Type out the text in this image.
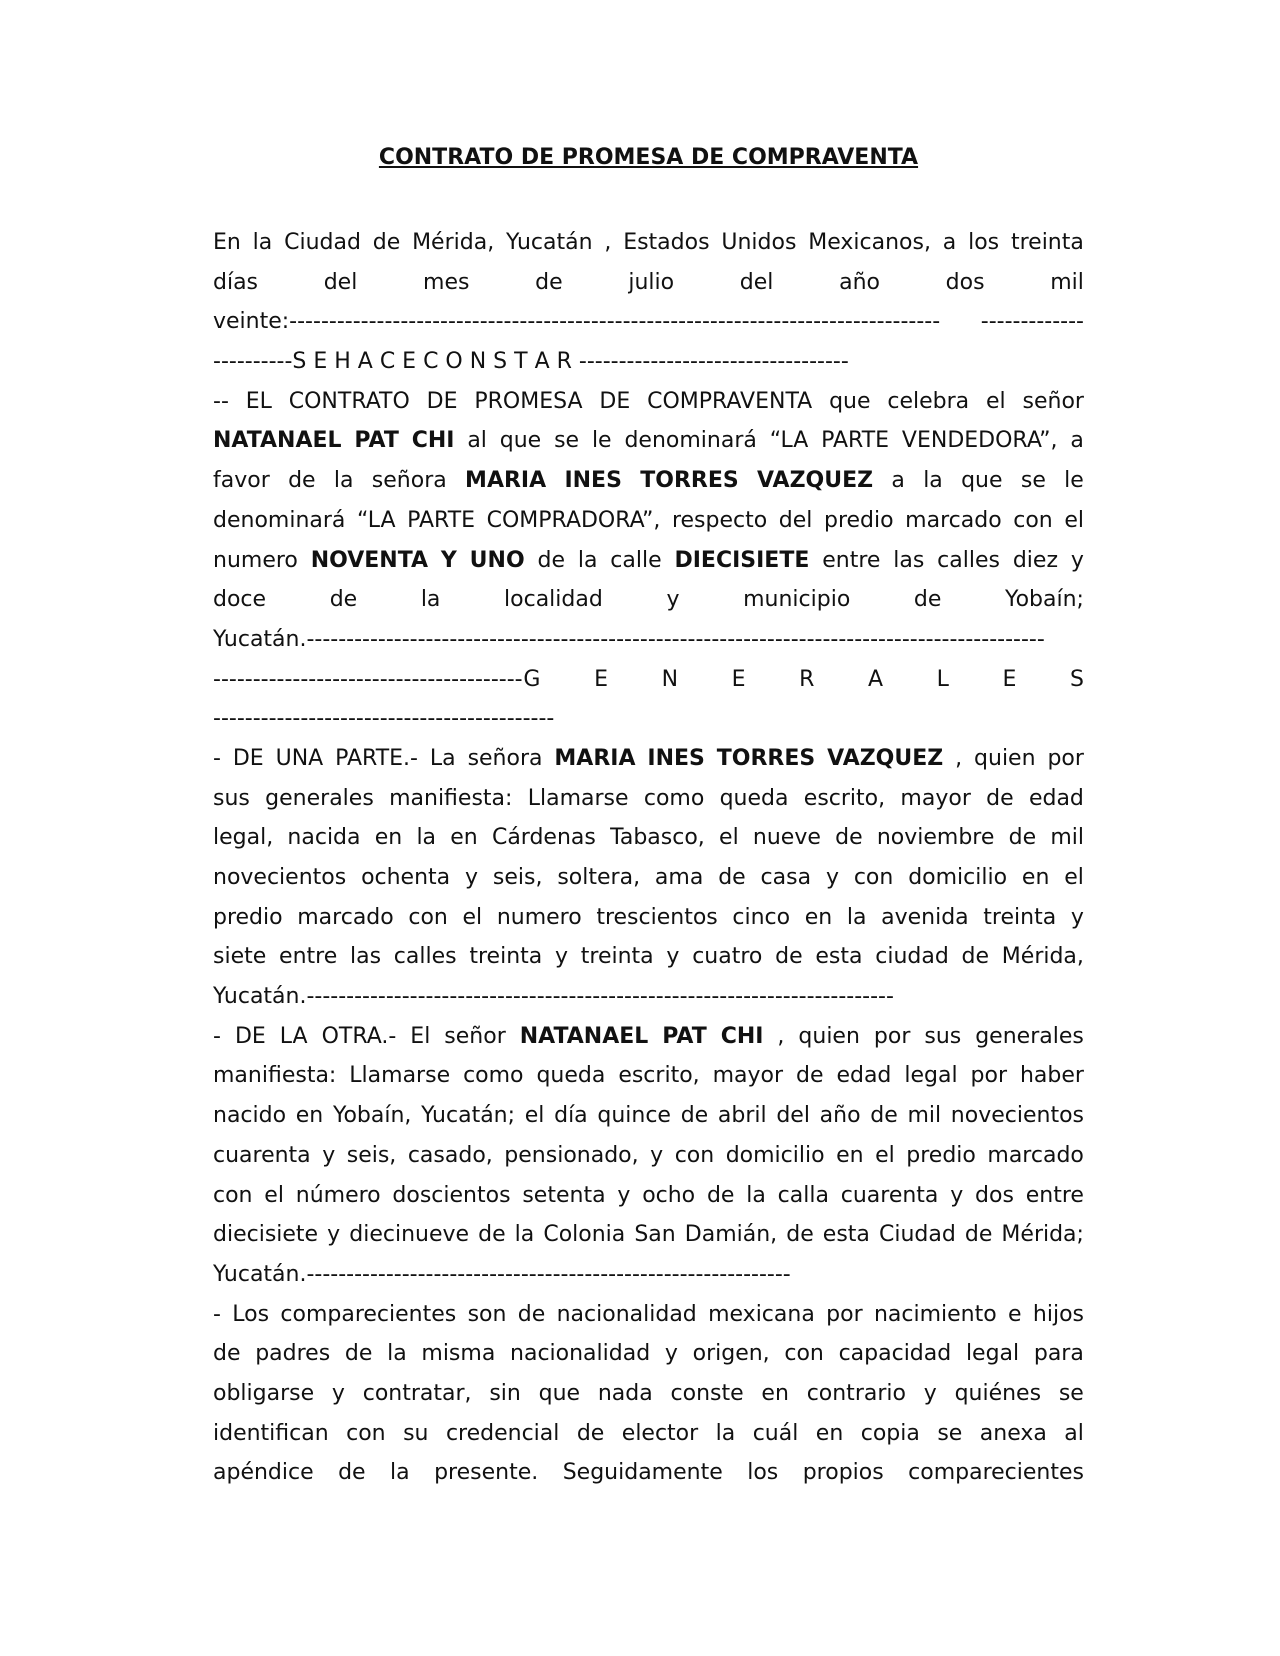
CONTRATO DE PROMESA DE COMPRAVENTA
En la Ciudad de Mérida, Yucatán , Estados Unidos Mexicanos, a los treinta
días	del	mes	de	julio	del	año	dos	mil
veinte:---------------------------------------------------------------------------------- -------------
----------S E H A C E C O N S T A R ----------------------------------
-- EL CONTRATO DE PROMESA DE COMPRAVENTA que celebra el señor
NATANAEL PAT CHI al que se le denominará “LA PARTE VENDEDORA”, a
favor de la señora MARIA INES TORRES VAZQUEZ a la que se le
denominará “LA PARTE COMPRADORA”, respecto del predio marcado con el
numero NOVENTA Y UNO de la calle DIECISIETE entre las calles diez y
doce	de	la	localidad	y	municipio	de	Yobaín;
Yucatán.---------------------------------------------------------------------------------------------
---------------------------------------G E N E R A L E S
-------------------------------------------
- DE UNA PARTE.- La señora MARIA INES TORRES VAZQUEZ , quien por
sus generales manifiesta: Llamarse como queda escrito, mayor de edad
legal, nacida en la en Cárdenas Tabasco, el nueve de noviembre de mil
novecientos ochenta y seis, soltera, ama de casa y con domicilio en el
predio marcado con el numero trescientos cinco en la avenida treinta y
siete entre las calles treinta y treinta y cuatro de esta ciudad de Mérida,
Yucatán.--------------------------------------------------------------------------
- DE LA OTRA.- El señor NATANAEL PAT CHI , quien por sus generales
manifiesta: Llamarse como queda escrito, mayor de edad legal por haber
nacido en Yobaín, Yucatán; el día quince de abril del año de mil novecientos
cuarenta y seis, casado, pensionado, y con domicilio en el predio marcado
con el número doscientos setenta y ocho de la calla cuarenta y dos entre
diecisiete y diecinueve de la Colonia San Damián, de esta Ciudad de Mérida;
Yucatán.-------------------------------------------------------------
- Los comparecientes son de nacionalidad mexicana por nacimiento e hijos
de padres de la misma nacionalidad y origen, con capacidad legal para
obligarse y contratar, sin que nada conste en contrario y quiénes se
identifican con su credencial de elector la cuál en copia se anexa al
apéndice de la presente. Seguidamente los propios comparecientes
